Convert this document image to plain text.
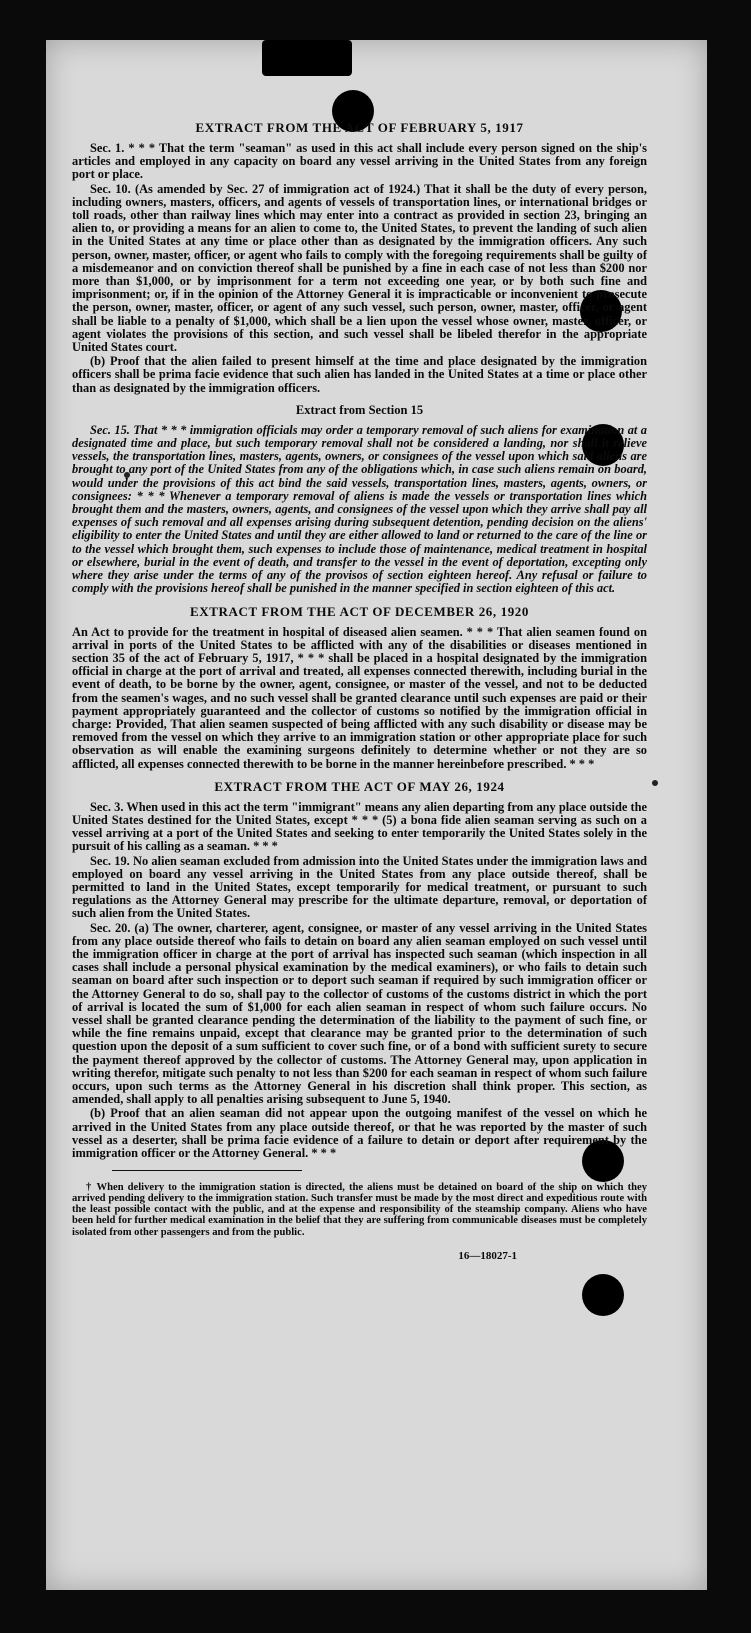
EXTRACT FROM THE ACT OF FEBRUARY 5, 1917

Sec. 1. * * * That the term "seaman" as used in this act shall include every person signed on the ship's articles and employed in any capacity on board any vessel arriving in the United States from any foreign port or place.

Sec. 10. (As amended by Sec. 27 of immigration act of 1924.) That it shall be the duty of every person, including owners, masters, officers, and agents of vessels of transportation lines, or international bridges or toll roads, other than railway lines which may enter into a contract as provided in section 23, bringing an alien to, or providing a means for an alien to come to, the United States, to prevent the landing of such alien in the United States at any time or place other than as designated by the immigration officers. Any such person, owner, master, officer, or agent who fails to comply with the foregoing requirements shall be guilty of a misdemeanor and on conviction thereof shall be punished by a fine in each case of not less than $200 nor more than $1,000, or by imprisonment for a term not exceeding one year, or by both such fine and imprisonment; or, if in the opinion of the Attorney General it is impracticable or inconvenient to prosecute the person, owner, master, officer, or agent of any such vessel, such person, owner, master, officer, or agent shall be liable to a penalty of $1,000, which shall be a lien upon the vessel whose owner, master, officer, or agent violates the provisions of this section, and such vessel shall be libeled therefor in the appropriate United States court.

(b) Proof that the alien failed to present himself at the time and place designated by the immigration officers shall be prima facie evidence that such alien has landed in the United States at a time or place other than as designated by the immigration officers.

Extract from Section 15

Sec. 15. That * * * immigration officials may order a temporary removal of such aliens for examination at a designated time and place, but such temporary removal shall not be considered a landing, nor shall it relieve vessels, the transportation lines, masters, agents, owners, or consignees of the vessel upon which said aliens are brought to any port of the United States from any of the obligations which, in case such aliens remain on board, would under the provisions of this act bind the said vessels, transportation lines, masters, agents, owners, or consignees: * * * Whenever a temporary removal of aliens is made the vessels or transportation lines which brought them and the masters, owners, agents, and consignees of the vessel upon which they arrive shall pay all expenses of such removal and all expenses arising during subsequent detention, pending decision on the aliens' eligibility to enter the United States and until they are either allowed to land or returned to the care of the line or to the vessel which brought them, such expenses to include those of maintenance, medical treatment in hospital or elsewhere, burial in the event of death, and transfer to the vessel in the event of deportation, excepting only where they arise under the terms of any of the provisos of section eighteen hereof. Any refusal or failure to comply with the provisions hereof shall be punished in the manner specified in section eighteen of this act.

EXTRACT FROM THE ACT OF DECEMBER 26, 1920

An Act to provide for the treatment in hospital of diseased alien seamen. * * * That alien seamen found on arrival in ports of the United States to be afflicted with any of the disabilities or diseases mentioned in section 35 of the act of February 5, 1917, * * * shall be placed in a hospital designated by the immigration official in charge at the port of arrival and treated, all expenses connected therewith, including burial in the event of death, to be borne by the owner, agent, consignee, or master of the vessel, and not to be deducted from the seamen's wages, and no such vessel shall be granted clearance until such expenses are paid or their payment appropriately guaranteed and the collector of customs so notified by the immigration official in charge: Provided, That alien seamen suspected of being afflicted with any such disability or disease may be removed from the vessel on which they arrive to an immigration station or other appropriate place for such observation as will enable the examining surgeons definitely to determine whether or not they are so afflicted, all expenses connected therewith to be borne in the manner hereinbefore prescribed. * * *

EXTRACT FROM THE ACT OF MAY 26, 1924

Sec. 3. When used in this act the term "immigrant" means any alien departing from any place outside the United States destined for the United States, except * * * (5) a bona fide alien seaman serving as such on a vessel arriving at a port of the United States and seeking to enter temporarily the United States solely in the pursuit of his calling as a seaman. * * *

Sec. 19. No alien seaman excluded from admission into the United States under the immigration laws and employed on board any vessel arriving in the United States from any place outside thereof, shall be permitted to land in the United States, except temporarily for medical treatment, or pursuant to such regulations as the Attorney General may prescribe for the ultimate departure, removal, or deportation of such alien from the United States.

Sec. 20. (a) The owner, charterer, agent, consignee, or master of any vessel arriving in the United States from any place outside thereof who fails to detain on board any alien seaman employed on such vessel until the immigration officer in charge at the port of arrival has inspected such seaman (which inspection in all cases shall include a personal physical examination by the medical examiners), or who fails to detain such seaman on board after such inspection or to deport such seaman if required by such immigration officer or the Attorney General to do so, shall pay to the collector of customs of the customs district in which the port of arrival is located the sum of $1,000 for each alien seaman in respect of whom such failure occurs. No vessel shall be granted clearance pending the determination of the liability to the payment of such fine, or while the fine remains unpaid, except that clearance may be granted prior to the determination of such question upon the deposit of a sum sufficient to cover such fine, or of a bond with sufficient surety to secure the payment thereof approved by the collector of customs. The Attorney General may, upon application in writing therefor, mitigate such penalty to not less than $200 for each seaman in respect of whom such failure occurs, upon such terms as the Attorney General in his discretion shall think proper. This section, as amended, shall apply to all penalties arising subsequent to June 5, 1940.

(b) Proof that an alien seaman did not appear upon the outgoing manifest of the vessel on which he arrived in the United States from any place outside thereof, or that he was reported by the master of such vessel as a deserter, shall be prima facie evidence of a failure to detain or deport after requirement by the immigration officer or the Attorney General. * * *

† When delivery to the immigration station is directed, the aliens must be detained on board of the ship on which they arrived pending delivery to the immigration station. Such transfer must be made by the most direct and expeditious route with the least possible contact with the public, and at the expense and responsibility of the steamship company. Aliens who have been held for further medical examination in the belief that they are suffering from communicable diseases must be completely isolated from other passengers and from the public.

16—18027-1
